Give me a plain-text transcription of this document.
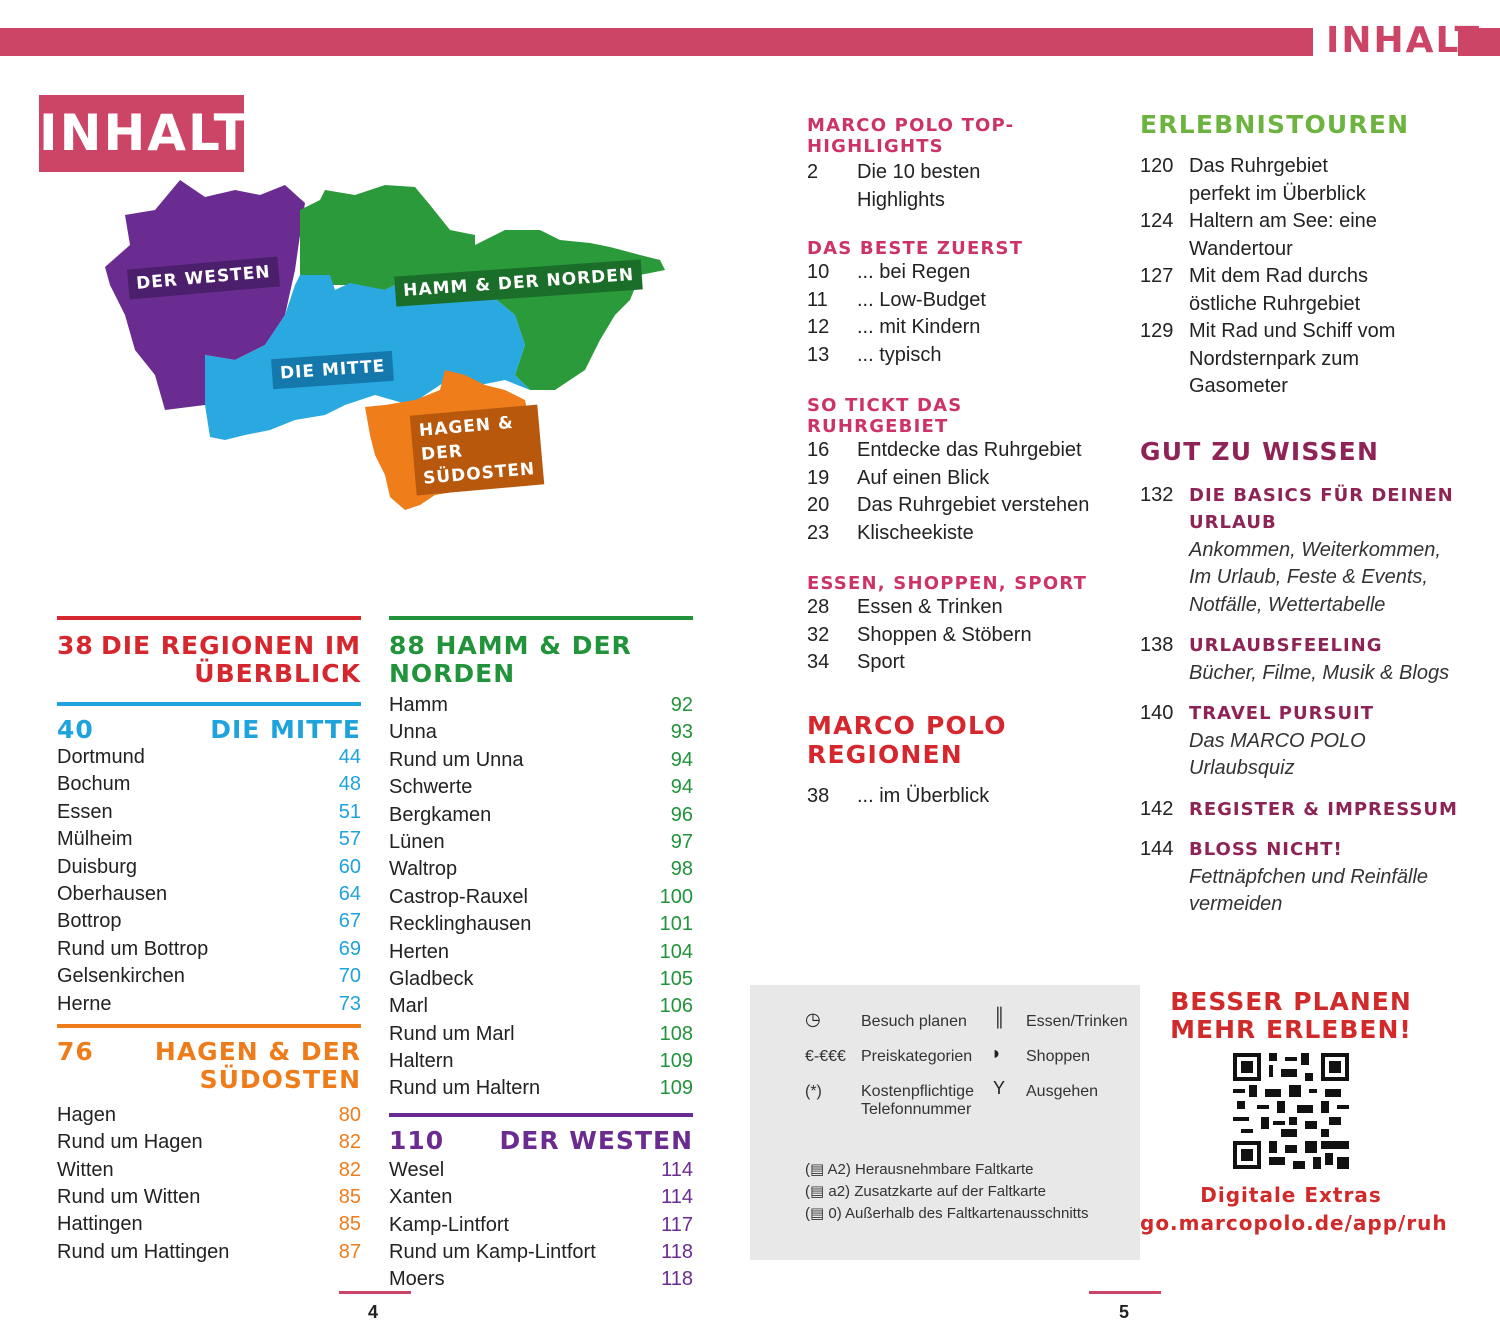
INHALT
INHALT
DER WESTEN	HAMM & DER NORDEN
DIE MITTE
HAGEN &
DER
SÜDOSTEN
38 DIE REGIONEN IM
ÜBERBLICK
40	DIE MITTE
Dortmund	44
Bochum	48
Essen	51
Mülheim	57
Duisburg	60
Oberhausen	64
Bottrop	67
Rund um Bottrop	69
Gelsenkirchen	70
Herne	73
76 HAGEN & DER
SÜDOSTEN
Hagen	80
Rund um Hagen	82
Witten	82
Rund um Witten	85
Hattingen	85
Rund um Hattingen	87
88 HAMM & DER NORDEN
Hamm	92
Unna	93
Rund um Unna	94
Schwerte	94
Bergkamen	96
Lünen	97
Waltrop	98
Castrop-Rauxel	100
Recklinghausen	101
Herten	104
Gladbeck	105
Marl	106
Rund um Marl	108
Haltern	109
Rund um Haltern	109
110 DER WESTEN
Wesel	114
Xanten	114
Kamp-Lintfort	117
Rund um Kamp-Lintfort	118
Moers	118
MARCO POLO TOP-HIGHLIGHTS
2	Die 10 besten
Highlights
DAS BESTE ZUERST
10	... bei Regen
11	... Low-Budget
12	... mit Kindern
13	... typisch
SO TICKT DAS RUHRGEBIET
16	Entdecke das Ruhrgebiet
19	Auf einen Blick
20	Das Ruhrgebiet verstehen
23	Klischeekiste
ESSEN, SHOPPEN, SPORT
28	Essen & Trinken
32	Shoppen & Stöbern
34	Sport
MARCO POLO REGIONEN
38	... im Überblick
ERLEBNISTOUREN
120 Das Ruhrgebiet
perfekt im Überblick
124 Haltern am See: eine
Wandertour
127 Mit dem Rad durchs
östliche Ruhrgebiet
129 Mit Rad und Schiff vom
Nordsternpark zum Gasometer
GUT ZU WISSEN
132 DIE BASICS FÜR DEINEN
URLAUB
Ankommen, Weiterkommen,
Im Urlaub, Feste & Events,
Notfälle, Wettertabelle
138 URLAUBSFEELING
Bücher, Filme, Musik & Blogs
140 TRAVEL PURSUIT
Das MARCO POLO Urlaubsquiz
142 REGISTER & IMPRESSUM
144 BLOSS NICHT!
Fettnäpfchen und Reinfälle
vermeiden
◷	Besuch planen
€-€€€ Preiskategorien
(*) Kostenpflichtige
Telefonnummer
║ Essen/Trinken
◗ Shoppen
Y Ausgehen
(▤ A2) Herausnehmbare Faltkarte
(▤ a2) Zusatzkarte auf der Faltkarte
(▤ 0) Außerhalb des Faltkartenausschnitts
BESSER PLANEN
MEHR ERLEBEN!
Digitale Extras
go.marcopolo.de/app/ruh
4	5
